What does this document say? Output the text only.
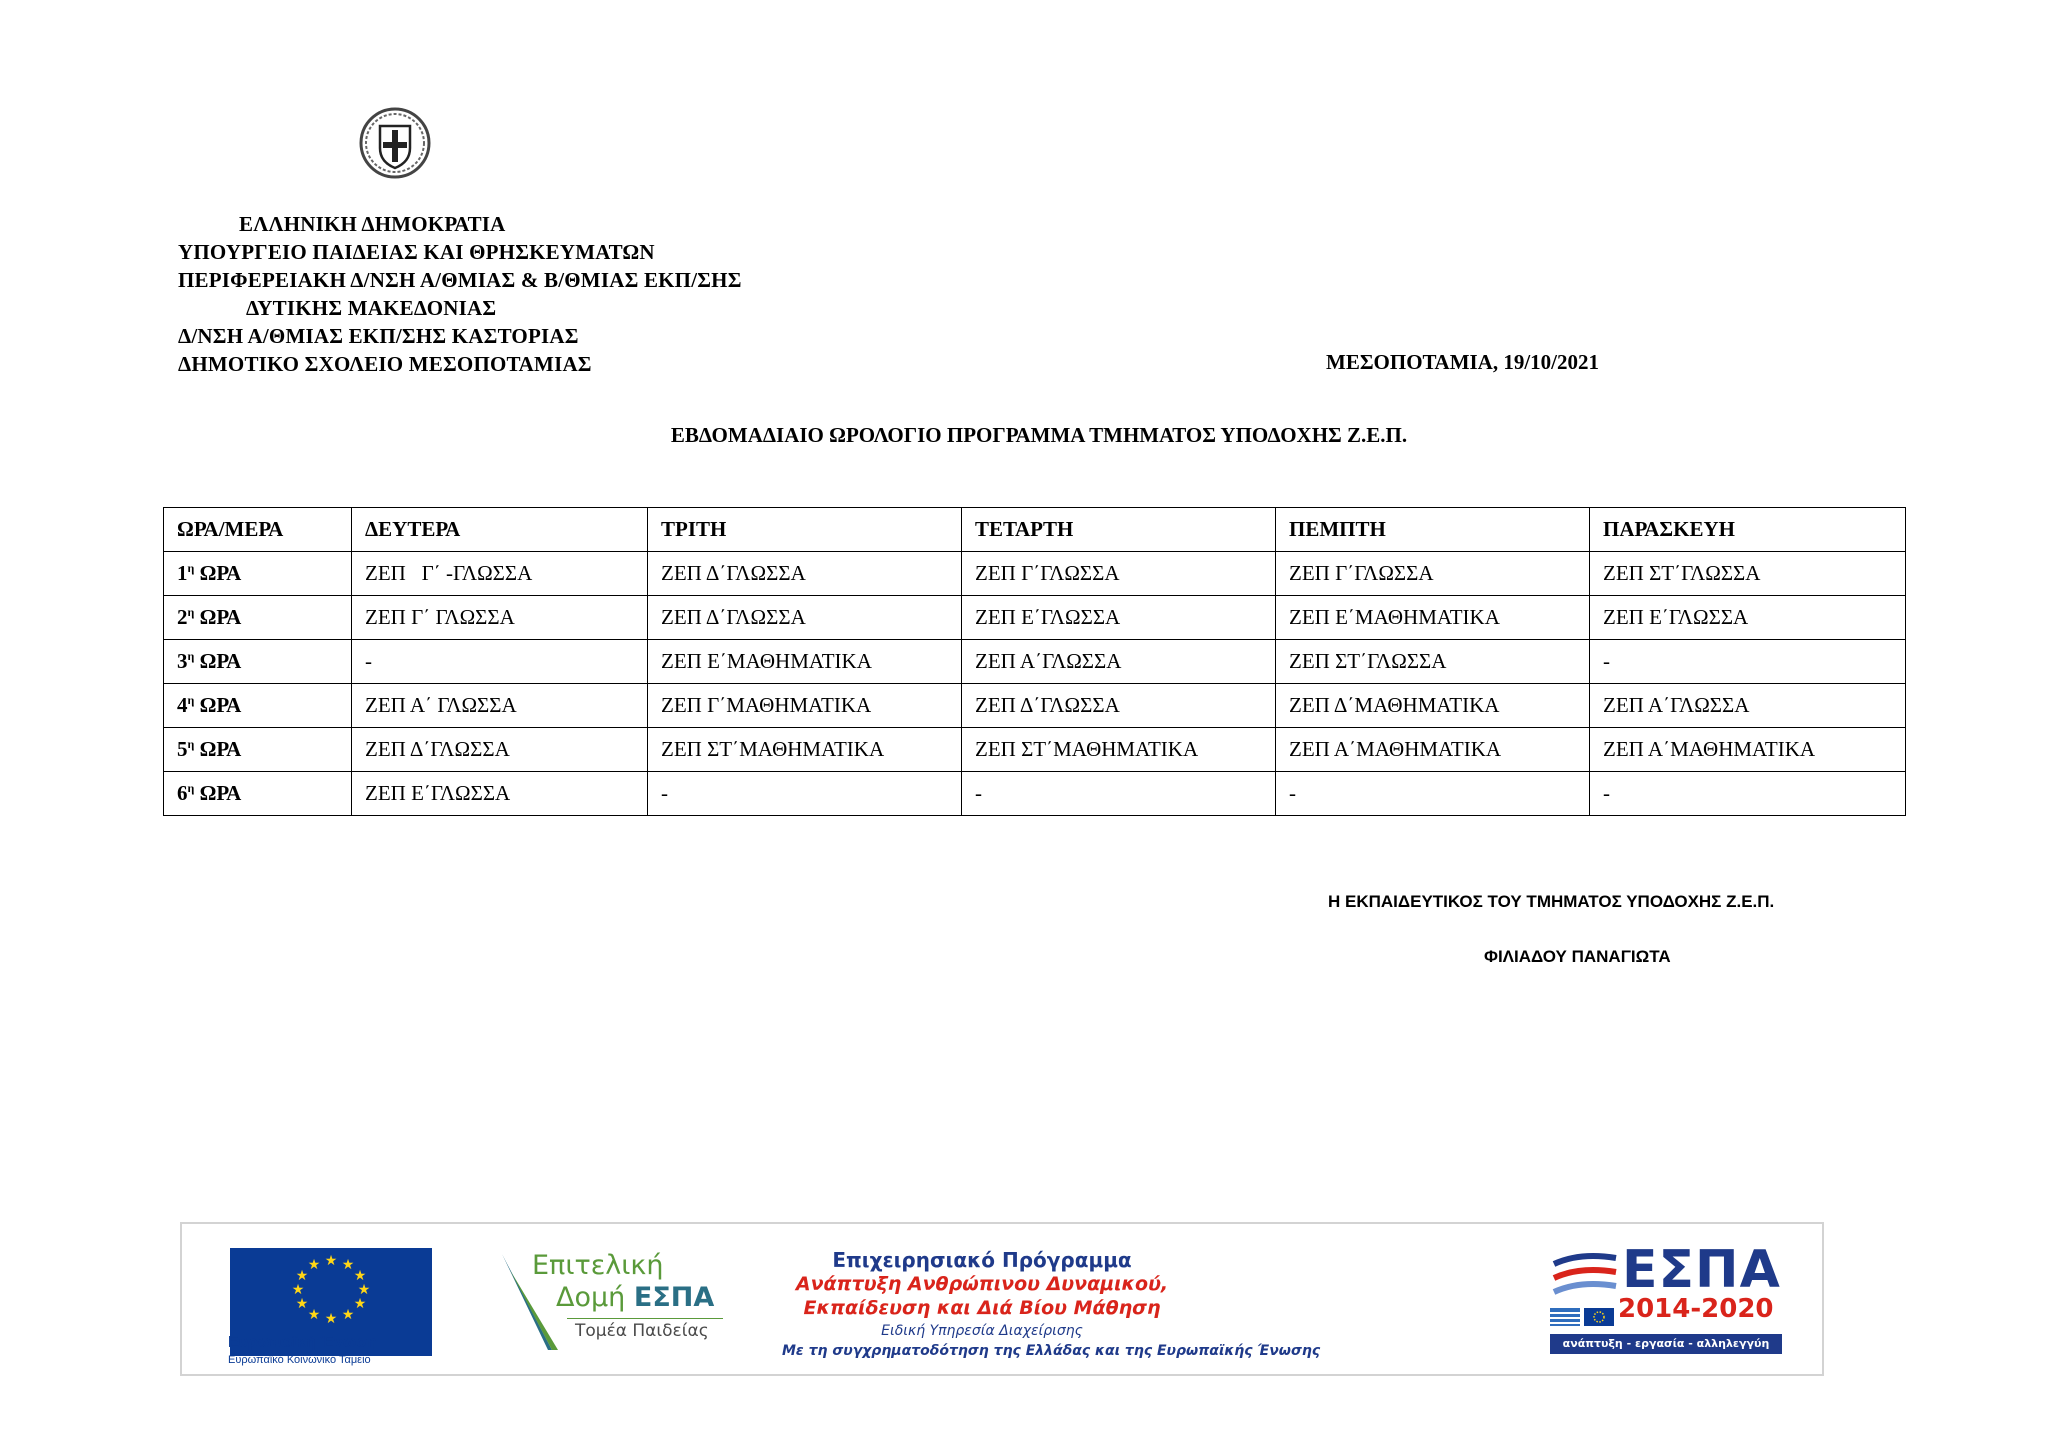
ΕΛΛΗΝΙΚΗ ΔΗΜΟΚΡΑΤΙΑ
ΥΠΟΥΡΓΕΙΟ ΠΑΙΔΕΙΑΣ ΚΑΙ ΘΡΗΣΚΕΥΜΑΤΩΝ
ΠΕΡΙΦΕΡΕΙΑΚΗ Δ/ΝΣΗ Α/ΘΜΙΑΣ & Β/ΘΜΙΑΣ ΕΚΠ/ΣΗΣ
ΔΥΤΙΚΗΣ ΜΑΚΕΔΟΝΙΑΣ
Δ/ΝΣΗ Α/ΘΜΙΑΣ ΕΚΠ/ΣΗΣ ΚΑΣΤΟΡΙΑΣ
ΔΗΜΟΤΙΚΟ ΣΧΟΛΕΙΟ ΜΕΣΟΠΟΤΑΜΙΑΣ	ΜΕΣΟΠΟΤΑΜΙΑ, 19/10/2021
ΕΒΔΟΜΑΔΙΑΙΟ ΩΡΟΛΟΓΙΟ ΠΡΟΓΡΑΜΜΑ ΤΜΗΜΑΤΟΣ ΥΠΟΔΟΧΗΣ Ζ.Ε.Π.
ΩΡΑ/ΜΕΡΑ	ΔΕΥΤΕΡΑ	ΤΡΙΤΗ	ΤΕΤΑΡΤΗ	ΠΕΜΠΤΗ	ΠΑΡΑΣΚΕΥΗ
$1^\eta$ ΩΡΑ	ΖΕΠ   Γ΄ -ΓΛΩΣΣΑ	ΖΕΠ Δ΄ΓΛΩΣΣΑ	ΖΕΠ Γ΄ΓΛΩΣΣΑ	ΖΕΠ Γ΄ΓΛΩΣΣΑ	ΖΕΠ ΣΤ΄ΓΛΩΣΣΑ
$2^\eta$ ΩΡΑ	ΖΕΠ Γ΄ ΓΛΩΣΣΑ	ΖΕΠ Δ΄ΓΛΩΣΣΑ	ΖΕΠ Ε΄ΓΛΩΣΣΑ	ΖΕΠ Ε΄ΜΑΘΗΜΑΤΙΚΑ	ΖΕΠ Ε΄ΓΛΩΣΣΑ
$3^\eta$ ΩΡΑ	-	ΖΕΠ Ε΄ΜΑΘΗΜΑΤΙΚΑ	ΖΕΠ Α΄ΓΛΩΣΣΑ	ΖΕΠ ΣΤ΄ΓΛΩΣΣΑ	-
$4^\eta$ ΩΡΑ	ΖΕΠ Α΄ ΓΛΩΣΣΑ	ΖΕΠ Γ΄ΜΑΘΗΜΑΤΙΚΑ	ΖΕΠ Δ΄ΓΛΩΣΣΑ	ΖΕΠ Δ΄ΜΑΘΗΜΑΤΙΚΑ	ΖΕΠ Α΄ΓΛΩΣΣΑ
$5^\eta$ ΩΡΑ	ΖΕΠ Δ΄ΓΛΩΣΣΑ	ΖΕΠ ΣΤ΄ΜΑΘΗΜΑΤΙΚΑ	ΖΕΠ ΣΤ΄ΜΑΘΗΜΑΤΙΚΑ	ΖΕΠ Α΄ΜΑΘΗΜΑΤΙΚΑ	ΖΕΠ Α΄ΜΑΘΗΜΑΤΙΚΑ
$6^\eta$ ΩΡΑ	ΖΕΠ Ε΄ΓΛΩΣΣΑ	-	-	-	-
Η ΕΚΠΑΙΔΕΥΤΙΚΟΣ ΤΟΥ ΤΜΗΜΑΤΟΣ ΥΠΟΔΟΧΗΣ Ζ.Ε.Π.
ΦΙΛΙΑΔΟΥ ΠΑΝΑΓΙΩΤΑ
★ ★
★
★
★
★
★
★
★
★
★
★
Ευρωπαϊκή Ένωση
Ευρωπαϊκό Κοινωνικό Ταμείο
Επιτελική
Δομή ΕΣΠΑ
Τομέα Παιδείας
Επιχειρησιακό Πρόγραμμα
Ανάπτυξη Ανθρώπινου Δυναμικού,
Εκπαίδευση και Διά Βίου Μάθηση
Ειδική Υπηρεσία Διαχείρισης
Με τη συγχρηματοδότηση της Ελλάδας και της Ευρωπαϊκής Ένωσης
ΕΣΠΑ
2014-2020
ανάπτυξη - εργασία - αλληλεγγύη
